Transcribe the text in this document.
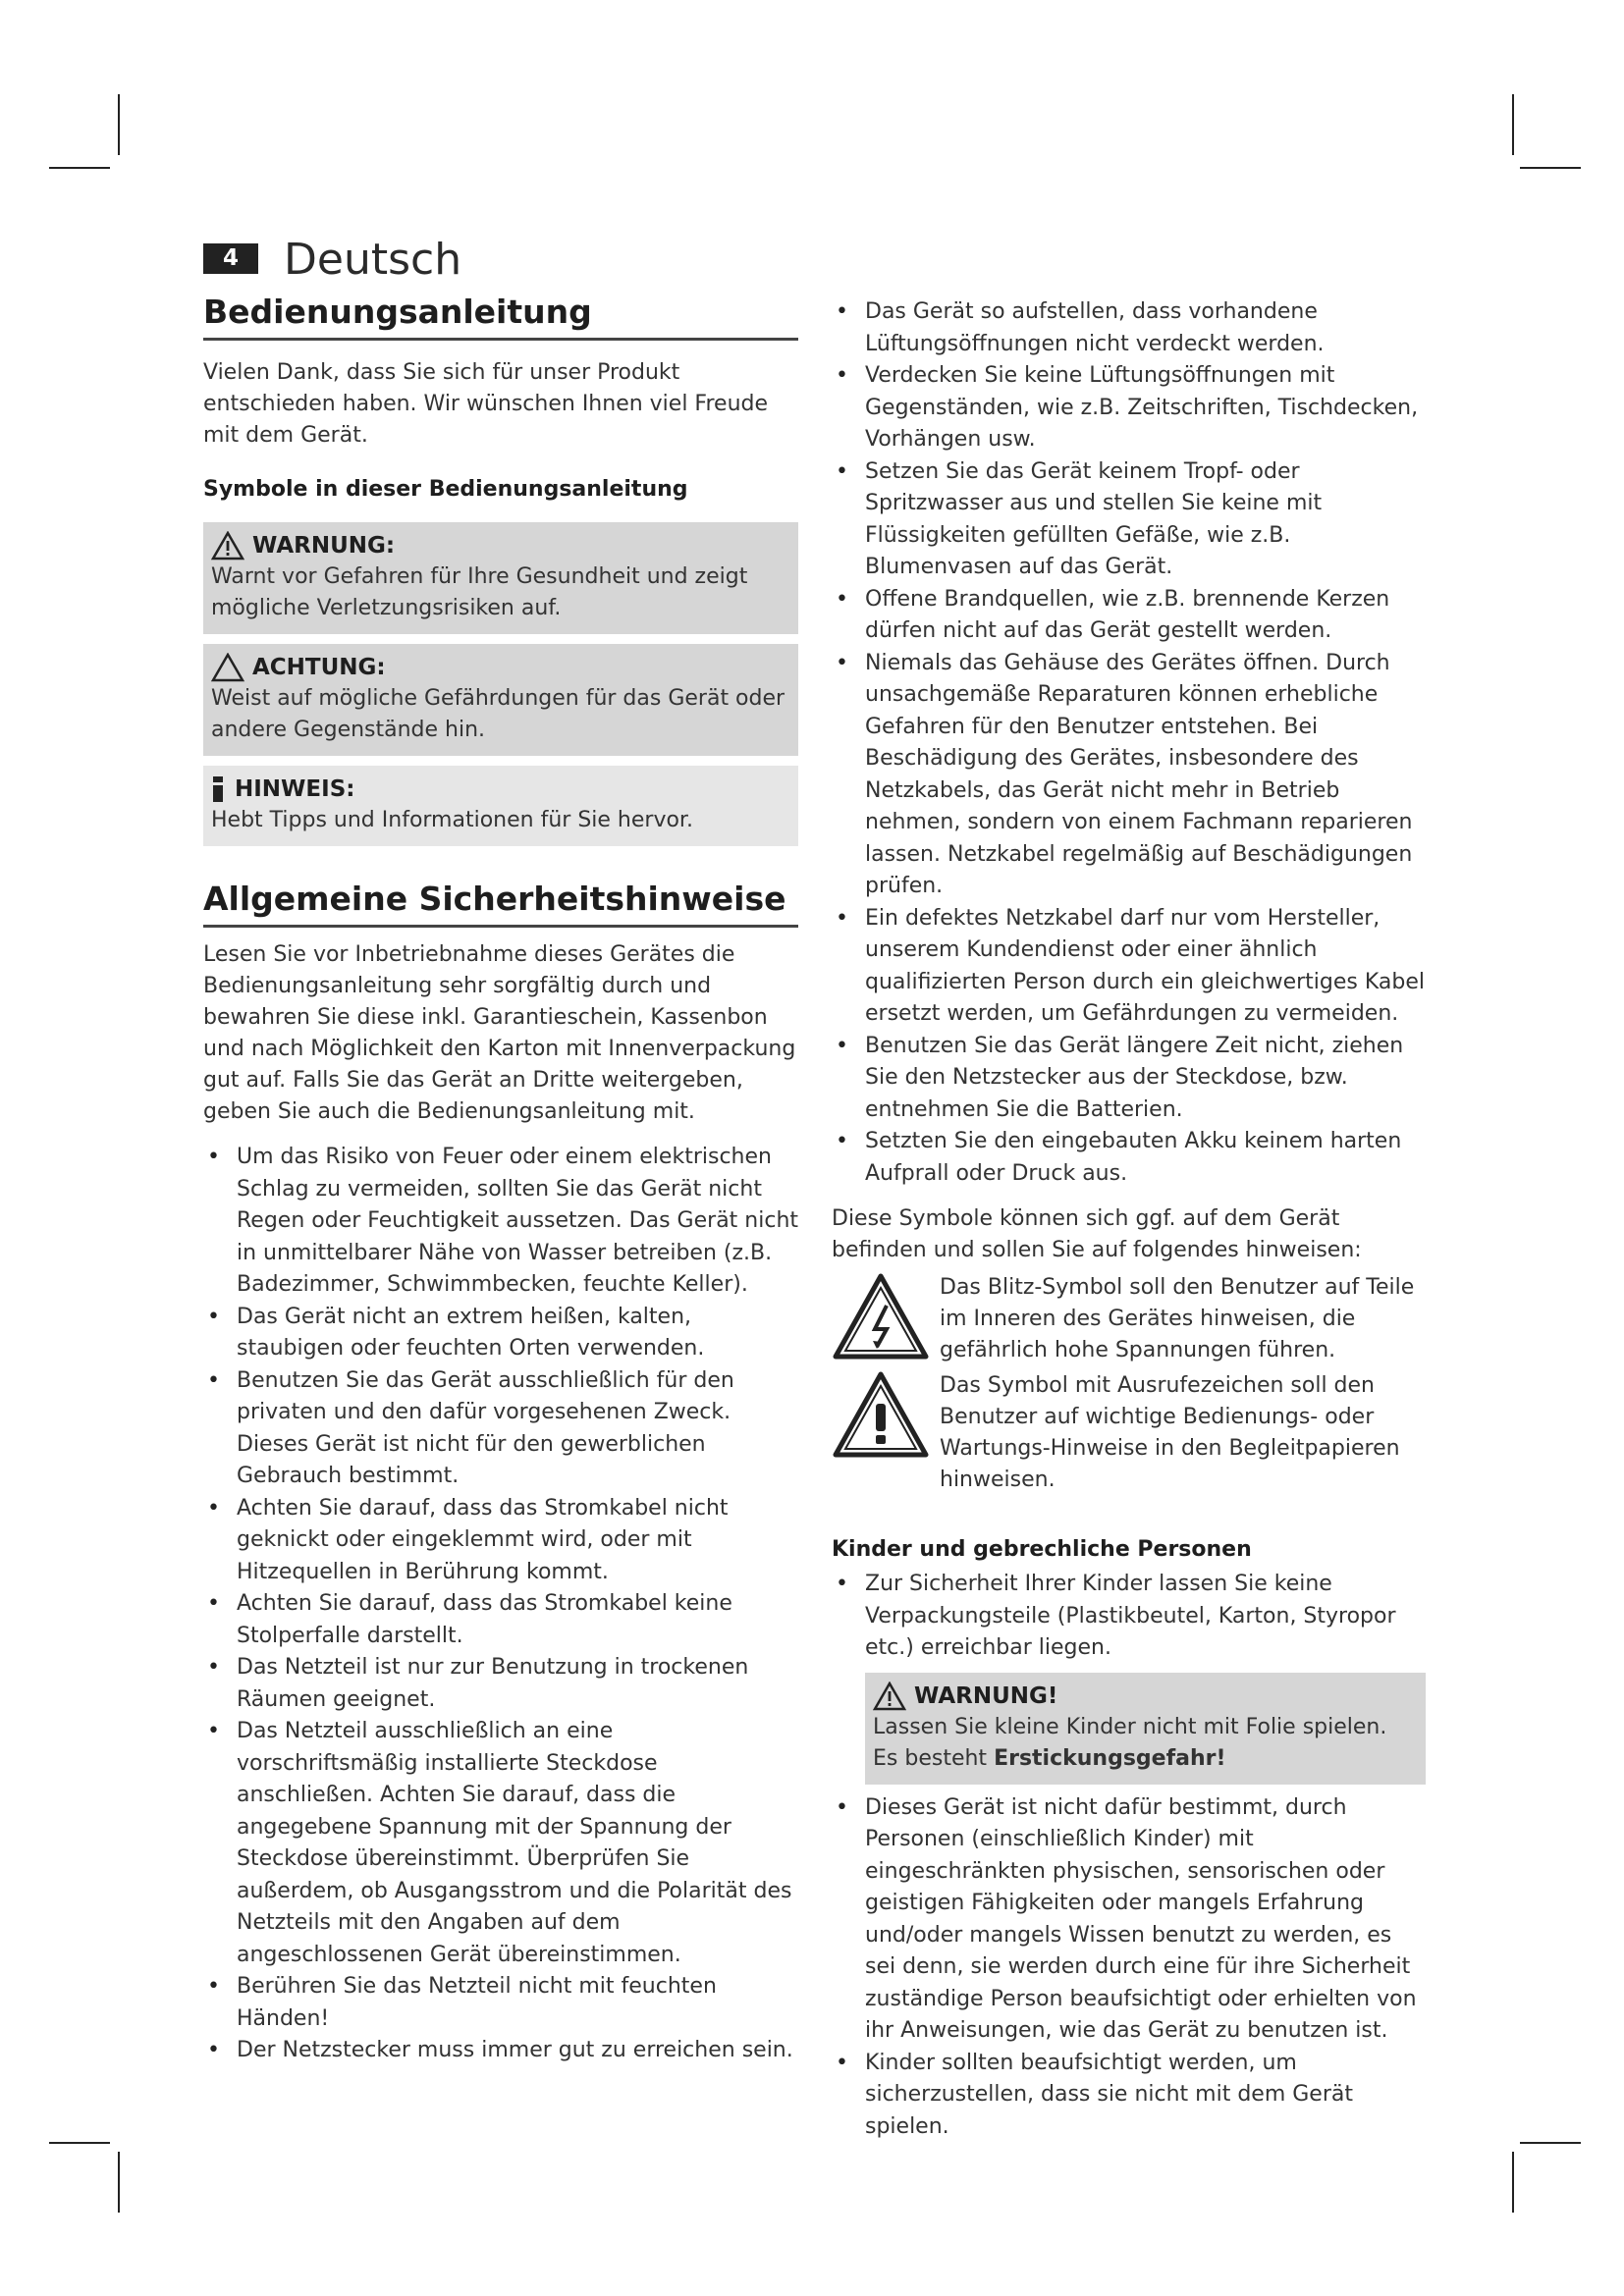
4	Deutsch
Bedienungsanleitung

Vielen Dank, dass Sie sich für unser Produkt entschieden haben. Wir wünschen Ihnen viel Freude mit dem Gerät.

Symbole in dieser Bedienungsanleitung
WARNUNG:
Warnt vor Gefahren für Ihre Gesundheit und zeigt mögliche Verletzungsrisiken auf.
ACHTUNG:
Weist auf mögliche Gefährdungen für das Gerät oder andere Gegenstände hin.
HINWEIS:
Hebt Tipps und Informationen für Sie hervor.
Allgemeine Sicherheitshinweise

Lesen Sie vor Inbetriebnahme dieses Gerätes die Bedienungsanleitung sehr sorgfältig durch und bewahren Sie diese inkl. Garantieschein, Kassenbon und nach Möglichkeit den Karton mit Innenverpackung gut auf. Falls Sie das Gerät an Dritte weitergeben, geben Sie auch die Bedienungsanleitung mit.

• Um das Risiko von Feuer oder einem elektrischen Schlag zu vermeiden, sollten Sie das Gerät nicht Regen oder Feuchtigkeit aussetzen. Das Gerät nicht in unmittelbarer Nähe von Wasser betreiben (z.B. Badezimmer, Schwimmbecken, feuchte Keller).
• Das Gerät nicht an extrem heißen, kalten, staubigen oder feuchten Orten verwenden.
• Benutzen Sie das Gerät ausschließlich für den privaten und den dafür vorgesehenen Zweck. Dieses Gerät ist nicht für den gewerblichen Gebrauch bestimmt.
• Achten Sie darauf, dass das Stromkabel nicht geknickt oder eingeklemmt wird, oder mit Hitzequellen in Berührung kommt.
• Achten Sie darauf, dass das Stromkabel keine Stolperfalle darstellt.
• Das Netzteil ist nur zur Benutzung in trockenen Räumen geeignet.
• Das Netzteil ausschließlich an eine vorschriftsmäßig installierte Steckdose anschließen. Achten Sie darauf, dass die angegebene Spannung mit der Spannung der Steckdose übereinstimmt. Überprüfen Sie außerdem, ob Ausgangsstrom und die Polarität des Netzteils mit den Angaben auf dem angeschlossenen Gerät übereinstimmen.
• Berühren Sie das Netzteil nicht mit feuchten Händen!
• Der Netzstecker muss immer gut zu erreichen sein.
• Das Gerät so aufstellen, dass vorhandene Lüftungsöffnungen nicht verdeckt werden.
• Verdecken Sie keine Lüftungsöffnungen mit Gegenständen, wie z.B. Zeitschriften, Tischdecken, Vorhängen usw.
• Setzen Sie das Gerät keinem Tropf- oder Spritzwasser aus und stellen Sie keine mit Flüssigkeiten gefüllten Gefäße, wie z.B. Blumenvasen auf das Gerät.
• Offene Brandquellen, wie z.B. brennende Kerzen dürfen nicht auf das Gerät gestellt werden.
• Niemals das Gehäuse des Gerätes öffnen. Durch unsachgemäße Reparaturen können erhebliche Gefahren für den Benutzer entstehen. Bei Beschädigung des Gerätes, insbesondere des Netzkabels, das Gerät nicht mehr in Betrieb nehmen, sondern von einem Fachmann reparieren lassen. Netzkabel regelmäßig auf Beschädigungen prüfen.
• Ein defektes Netzkabel darf nur vom Hersteller, unserem Kundendienst oder einer ähnlich qualifizierten Person durch ein gleichwertiges Kabel ersetzt werden, um Gefährdungen zu vermeiden.
• Benutzen Sie das Gerät längere Zeit nicht, ziehen Sie den Netzstecker aus der Steckdose, bzw. entnehmen Sie die Batterien.
• Setzten Sie den eingebauten Akku keinem harten Aufprall oder Druck aus.

Diese Symbole können sich ggf. auf dem Gerät befinden und sollen Sie auf folgendes hinweisen:

Das Blitz-Symbol soll den Benutzer auf Teile im Inneren des Gerätes hinweisen, die gefährlich hohe Spannungen führen.
Das Symbol mit Ausrufezeichen soll den Benutzer auf wichtige Bedienungs- oder Wartungs-Hinweise in den Begleitpapieren hinweisen.
Kinder und gebrechliche Personen
• Zur Sicherheit Ihrer Kinder lassen Sie keine Verpackungsteile (Plastikbeutel, Karton, Styropor etc.) erreichbar liegen.
WARNUNG!
Lassen Sie kleine Kinder nicht mit Folie spielen. Es besteht Erstickungsgefahr!
• Dieses Gerät ist nicht dafür bestimmt, durch Personen (einschließlich Kinder) mit eingeschränkten physischen, sensorischen oder geistigen Fähigkeiten oder mangels Erfahrung und/oder mangels Wissen benutzt zu werden, es sei denn, sie werden durch eine für ihre Sicherheit zuständige Person beaufsichtigt oder erhielten von ihr Anweisungen, wie das Gerät zu benutzen ist.
• Kinder sollten beaufsichtigt werden, um sicherzustellen, dass sie nicht mit dem Gerät spielen.
